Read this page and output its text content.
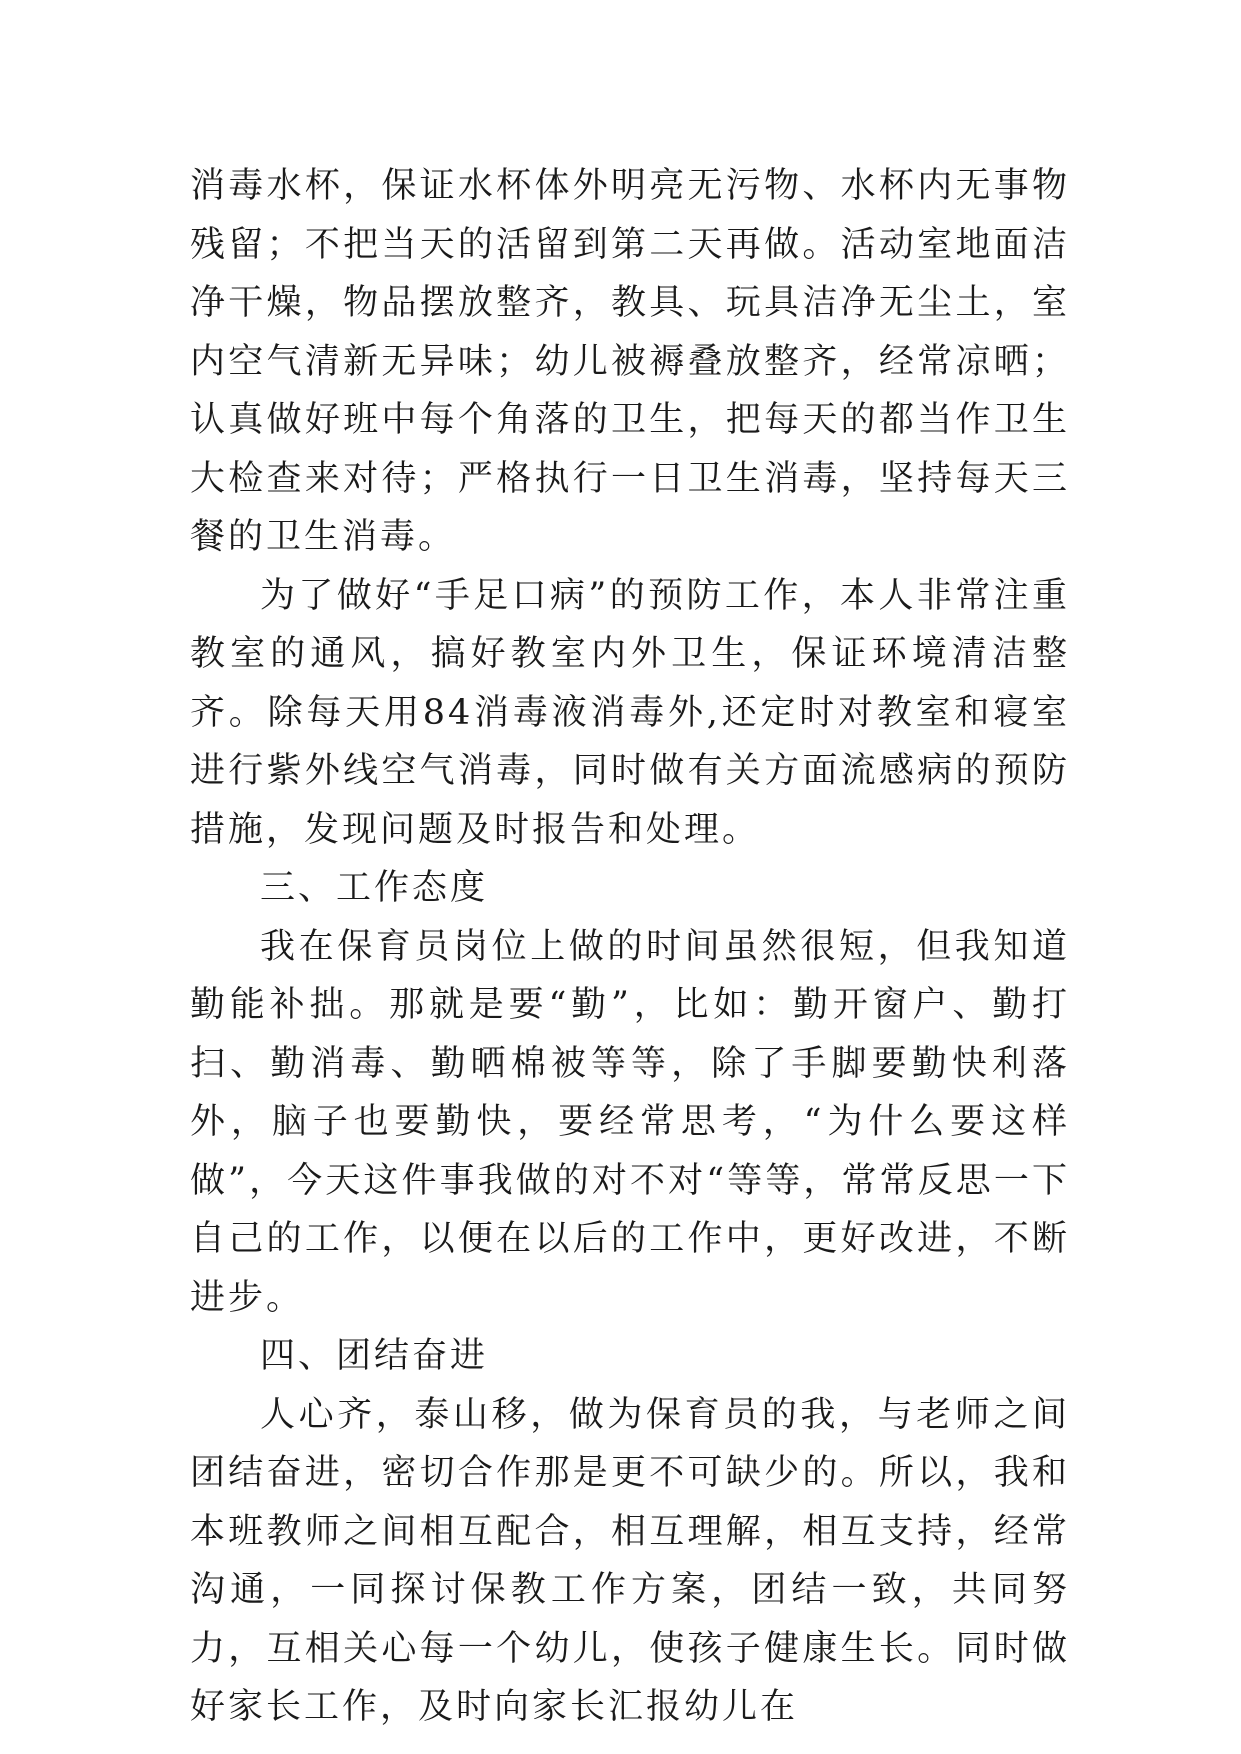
消毒水杯，保证水杯体外明亮无污物、水杯内无事物残留；不把当天的活留到第二天再做。活动室地面洁净干燥，物品摆放整齐，教具、玩具洁净无尘土，室内空气清新无异味；幼儿被褥叠放整齐，经常凉晒；认真做好班中每个角落的卫生，把每天的都当作卫生大检查来对待；严格执行一日卫生消毒，坚持每天三餐的卫生消毒。

为了做好“手足口病”的预防工作，本人非常注重教室的通风，搞好教室内外卫生，保证环境清洁整齐。除每天用84消毒液消毒外,还定时对教室和寝室进行紫外线空气消毒，同时做有关方面流感病的预防措施，发现问题及时报告和处理。

三、工作态度

我在保育员岗位上做的时间虽然很短，但我知道勤能补拙。那就是要“勤”，比如：勤开窗户、勤打扫、勤消毒、勤晒棉被等等，除了手脚要勤快利落外，脑子也要勤快，要经常思考，“为什么要这样做”，今天这件事我做的对不对“等等，常常反思一下自己的工作，以便在以后的工作中，更好改进，不断进步。

四、团结奋进

人心齐，泰山移，做为保育员的我，与老师之间团结奋进，密切合作那是更不可缺少的。所以，我和本班教师之间相互配合，相互理解，相互支持，经常沟通，一同探讨保教工作方案，团结一致，共同努力，互相关心每一个幼儿，使孩子健康生长。同时做好家长工作，及时向家长汇报幼儿在
